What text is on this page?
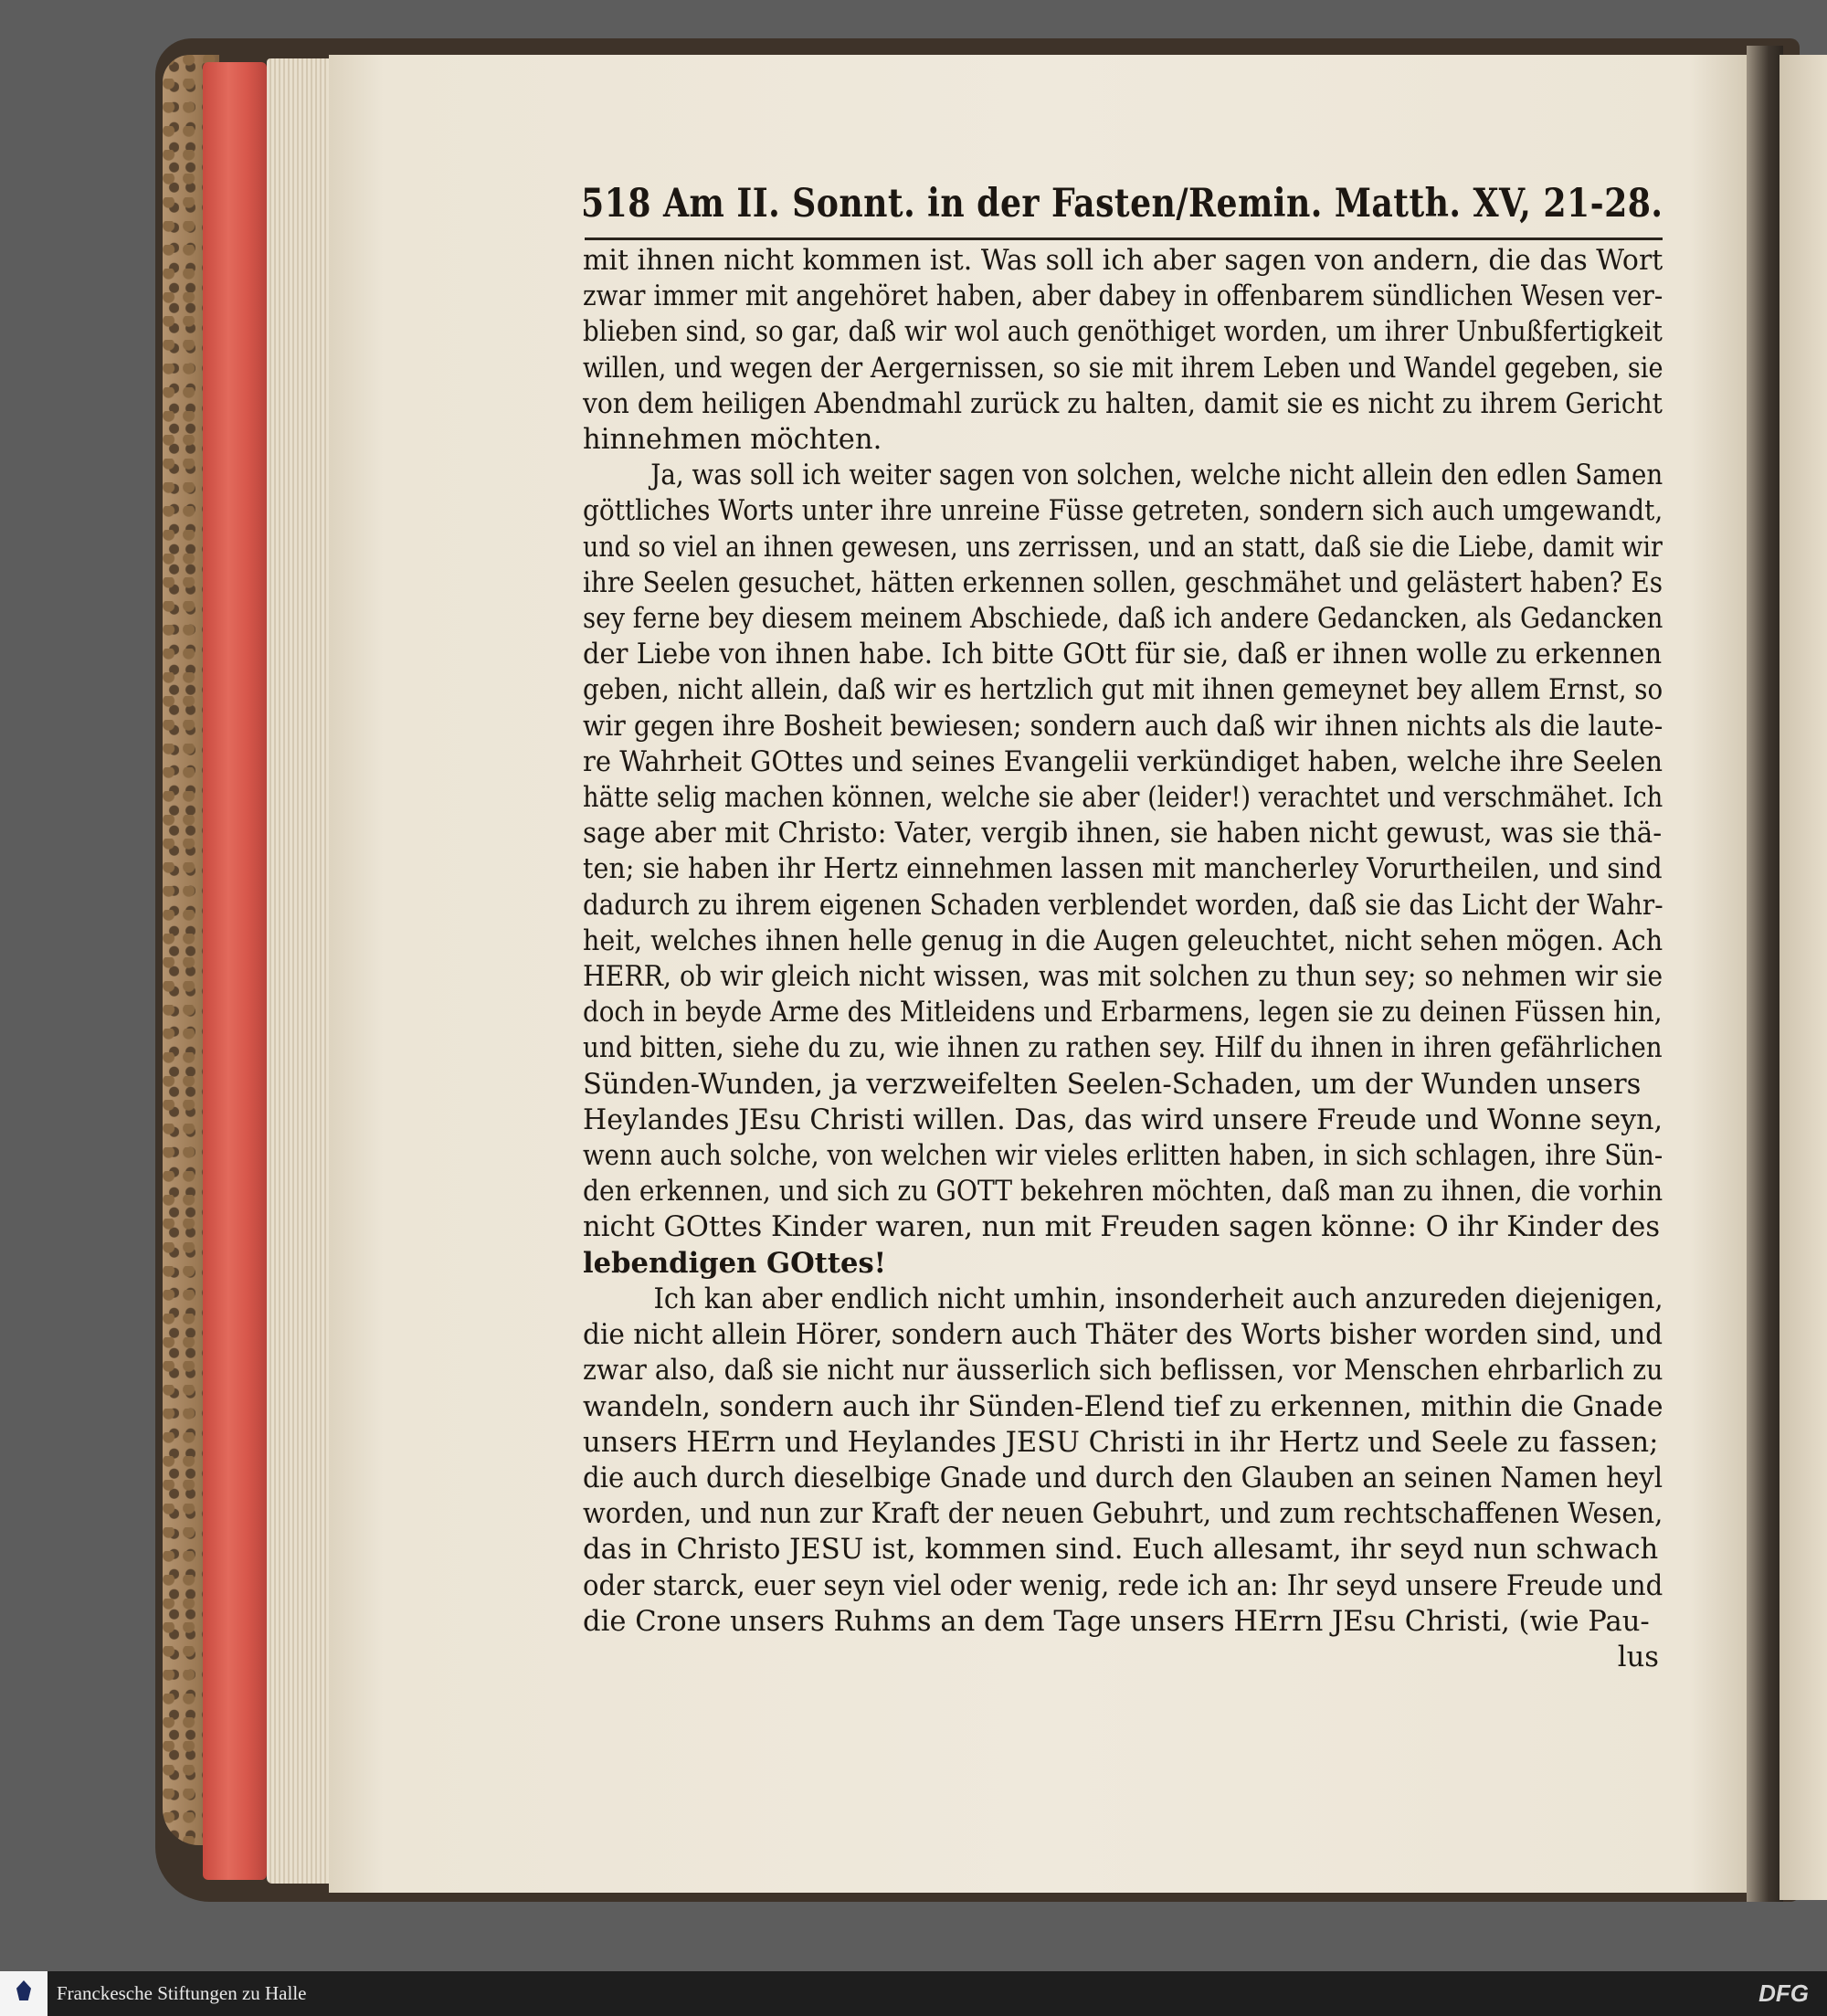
518 Am II. Sonnt. in der Fasten/Remin. Matth. XV, 21-28.
mit ihnen nicht kommen ist. Was soll ich aber sagen von andern, die das Wort
zwar immer mit angehöret haben, aber dabey in offenbarem sündlichen Wesen ver-
blieben sind, so gar, daß wir wol auch genöthiget worden, um ihrer Unbußfertigkeit
willen, und wegen der Aergernissen, so sie mit ihrem Leben und Wandel gegeben, sie
von dem heiligen Abendmahl zurück zu halten, damit sie es nicht zu ihrem Gericht
hinnehmen möchten.
Ja, was soll ich weiter sagen von solchen, welche nicht allein den edlen Samen
göttliches Worts unter ihre unreine Füsse getreten, sondern sich auch umgewandt,
und so viel an ihnen gewesen, uns zerrissen, und an statt, daß sie die Liebe, damit wir
ihre Seelen gesuchet, hätten erkennen sollen, geschmähet und gelästert haben? Es
sey ferne bey diesem meinem Abschiede, daß ich andere Gedancken, als Gedancken
der Liebe von ihnen habe. Ich bitte GOtt für sie, daß er ihnen wolle zu erkennen
geben, nicht allein, daß wir es hertzlich gut mit ihnen gemeynet bey allem Ernst, so
wir gegen ihre Bosheit bewiesen; sondern auch daß wir ihnen nichts als die laute-
re Wahrheit GOttes und seines Evangelii verkündiget haben, welche ihre Seelen
hätte selig machen können, welche sie aber (leider!) verachtet und verschmähet. Ich
sage aber mit Christo: Vater, vergib ihnen, sie haben nicht gewust, was sie thä-
ten; sie haben ihr Hertz einnehmen lassen mit mancherley Vorurtheilen, und sind
dadurch zu ihrem eigenen Schaden verblendet worden, daß sie das Licht der Wahr-
heit, welches ihnen helle genug in die Augen geleuchtet, nicht sehen mögen. Ach
HERR, ob wir gleich nicht wissen, was mit solchen zu thun sey; so nehmen wir sie
doch in beyde Arme des Mitleidens und Erbarmens, legen sie zu deinen Füssen hin,
und bitten, siehe du zu, wie ihnen zu rathen sey. Hilf du ihnen in ihren gefährlichen
Sünden-Wunden, ja verzweifelten Seelen-Schaden, um der Wunden unsers
Heylandes JEsu Christi willen. Das, das wird unsere Freude und Wonne seyn,
wenn auch solche, von welchen wir vieles erlitten haben, in sich schlagen, ihre Sün-
den erkennen, und sich zu GOTT bekehren möchten, daß man zu ihnen, die vorhin
nicht GOttes Kinder waren, nun mit Freuden sagen könne: O ihr Kinder des
lebendigen GOttes!
Ich kan aber endlich nicht umhin, insonderheit auch anzureden diejenigen,
die nicht allein Hörer, sondern auch Thäter des Worts bisher worden sind, und
zwar also, daß sie nicht nur äusserlich sich beflissen, vor Menschen ehrbarlich zu
wandeln, sondern auch ihr Sünden-Elend tief zu erkennen, mithin die Gnade
unsers HErrn und Heylandes JESU Christi in ihr Hertz und Seele zu fassen;
die auch durch dieselbige Gnade und durch den Glauben an seinen Namen heyl
worden, und nun zur Kraft der neuen Gebuhrt, und zum rechtschaffenen Wesen,
das in Christo JESU ist, kommen sind. Euch allesamt, ihr seyd nun schwach
oder starck, euer seyn viel oder wenig, rede ich an: Ihr seyd unsere Freude und
die Crone unsers Ruhms an dem Tage unsers HErrn JEsu Christi, (wie Pau-
lus
Franckesche Stiftungen zu Halle	DFG
